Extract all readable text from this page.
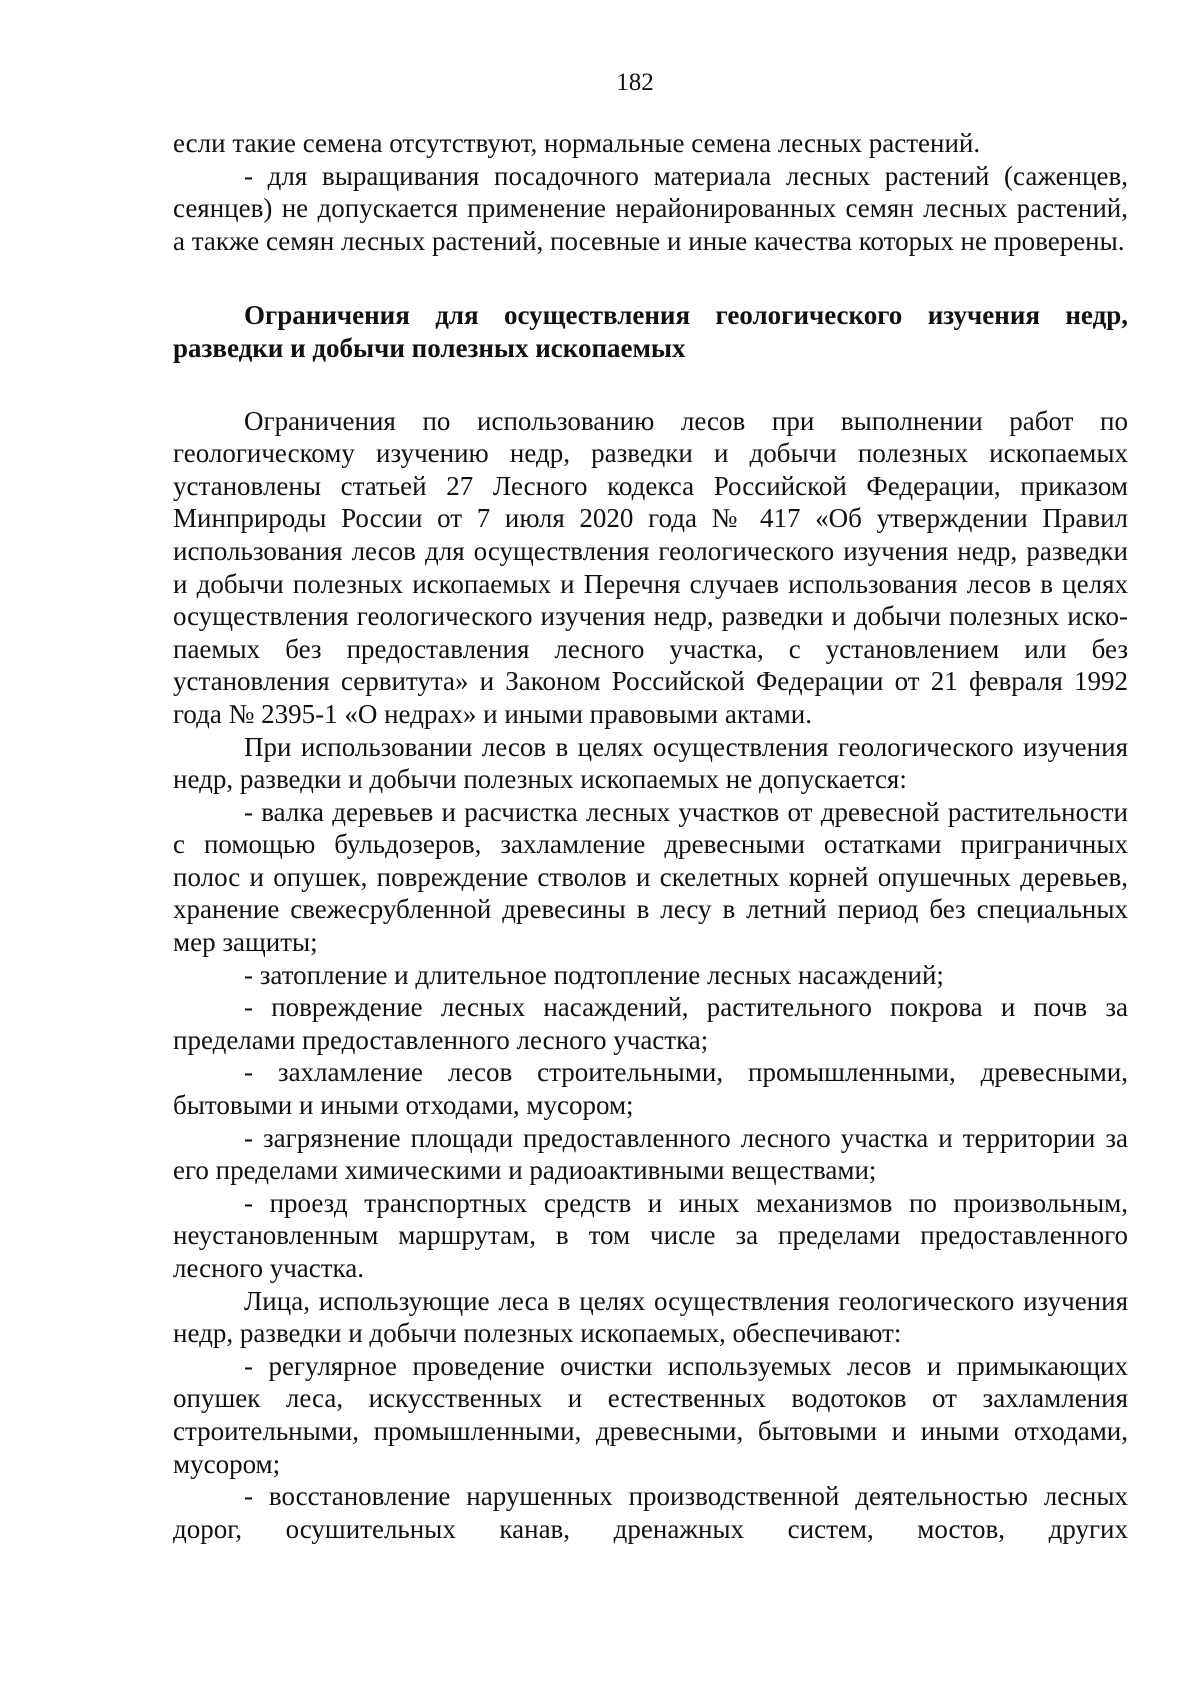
182

если такие семена отсутствуют, нормальные семена лесных растений.

- для выращивания посадочного материала лесных растений (саженцев, сеянцев) не допускается применение нерайонированных семян лесных растений, а также семян лесных растений, посевные и иные качества которых не проверены.

Ограничения для осуществления геологического изучения недр, разведки и добычи полезных ископаемых

Ограничения по использованию лесов при выполнении работ по геологическому изучению недр, разведки и добычи полезных ископаемых установлены статьей 27 Лесного кодекса Российской Федерации, приказом Минприроды России от 7 июля 2020 года № 417 «Об утверждении Правил использования лесов для осуществления геологического изучения недр, разведки и добычи полезных ископаемых и Перечня случаев использования лесов в целях осуществления геологического изучения недр, разведки и добычи полезных иско-паемых без предоставления лесного участка, с установлением или без установления сервитута» и Законом Российской Федерации от 21 февраля 1992 года № 2395-1 «О недрах» и иными правовыми актами.

При использовании лесов в целях осуществления геологического изучения недр, разведки и добычи полезных ископаемых не допускается:

- валка деревьев и расчистка лесных участков от древесной растительности с помощью бульдозеров, захламление древесными остатками приграничных полос и опушек, повреждение стволов и скелетных корней опушечных деревьев, хранение свежесрубленной древесины в лесу в летний период без специальных мер защиты;

- затопление и длительное подтопление лесных насаждений;

- повреждение лесных насаждений, растительного покрова и почв за пределами предоставленного лесного участка;

- захламление лесов строительными, промышленными, древесными, бытовыми и иными отходами, мусором;

- загрязнение площади предоставленного лесного участка и территории за его пределами химическими и радиоактивными веществами;

- проезд транспортных средств и иных механизмов по произвольным, неустановленным маршрутам, в том числе за пределами предоставленного лесного участка.

Лица, использующие леса в целях осуществления геологического изучения недр, разведки и добычи полезных ископаемых, обеспечивают:

- регулярное проведение очистки используемых лесов и примыкающих опушек леса, искусственных и естественных водотоков от захламления строительными, промышленными, древесными, бытовыми и иными отходами, мусором;

- восстановление нарушенных производственной деятельностью лесных дорог, осушительных канав, дренажных систем, мостов, других
